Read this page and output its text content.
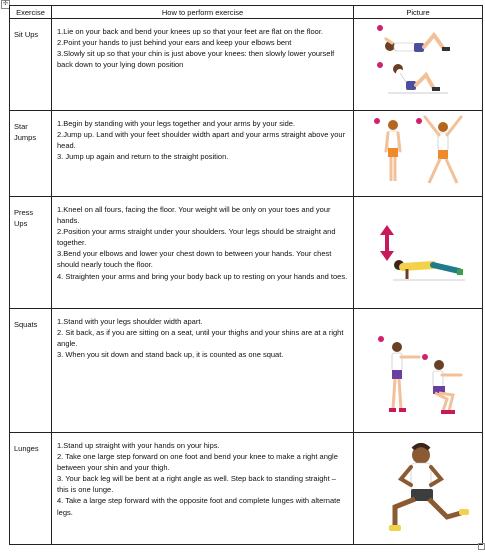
✣
Exercise	How to perform exercise	Picture
Sit Ups	1.Lie on your back and bend your knees up so that your feet are flat on the floor.
2.Point your hands to just behind your ears and keep your elbows bent
3.Slowly sit up so that your chin is just above your knees: then slowly lower yourself back down to your lying down position

Star Jumps	1.Begin by standing with your legs together and your arms by your side.
2.Jump up. Land with your feet shoulder width apart and your arms straight above your head.
3. Jump up again and return to the straight position.

Press Ups	1.Kneel on all fours, facing the floor. Your weight will be only on your toes and your hands.
2.Position your arms straight under your shoulders. Your legs should be straight and together.
3.Bend your elbows and lower your chest down to between your hands. Your chest should nearly touch the floor.
4. Straighten your arms and bring your body back up to resting on your hands and toes.

Squats	1.Stand with your legs shoulder width apart.
2. Sit back, as if you are sitting on a seat, until your thighs and your shins are at a right angle.
3. When you sit down and stand back up, it is counted as one squat.

Lunges	1.Stand up straight with your hands on your hips.
2. Take one large step forward on one foot and bend your knee to make a right angle between your shin and your thigh.
3. Your back leg will be bent at a right angle as well. Step back to standing straight – this is one lunge.
4. Take a large step forward with the opposite foot and complete lunges with alternate legs.
